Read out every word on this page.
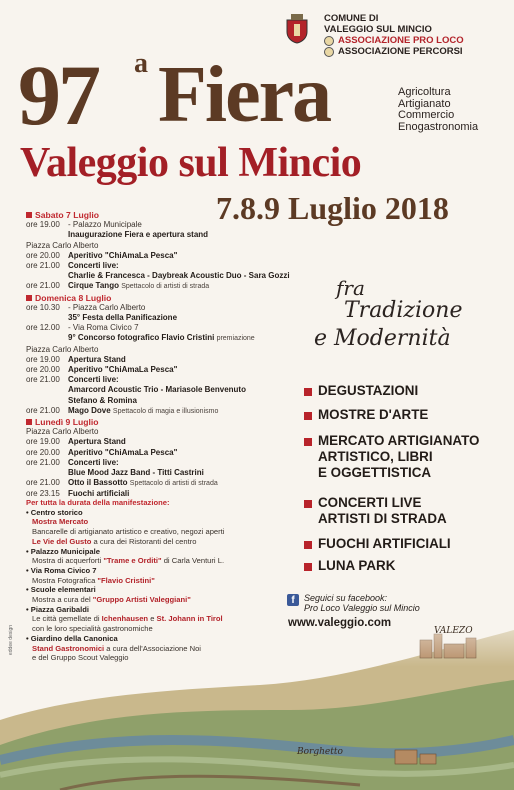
COMUNE DI
VALEGGIO SUL MINCIO
ASSOCIAZIONE PRO LOCO
ASSOCIAZIONE PERCORSI
97 a Fiera	Agricoltura
Artigianato
Commercio
Enogastronomia
Valeggio sul Mincio
7.8.9 Luglio 2018
Sabato 7 Luglio
ore 19.00	- Palazzo Municipale
Inaugurazione Fiera e apertura stand
Piazza Carlo Alberto
ore 20.00	Aperitivo "ChiAmaLa Pesca"
ore 21.00	Concerti live:
Charlie & Francesca - Daybreak Acoustic Duo - Sara Gozzi
ore 21.00	Cirque Tango Spettacolo di artisti di strada
Domenica 8 Luglio
ore 10.30	- Piazza Carlo Alberto
35° Festa della Panificazione
ore 12.00	- Via Roma Civico 7
9° Concorso fotografico Flavio Cristini premiazione
Piazza Carlo Alberto
ore 19.00	Apertura Stand
ore 20.00	Aperitivo "ChiAmaLa Pesca"
ore 21.00	Concerti live:
Amarcord Acoustic Trio - Mariasole Benvenuto
Stefano & Romina
ore 21.00	Mago Dove Spettacolo di magia e illusionismo
Lunedì 9 Luglio
Piazza Carlo Alberto
ore 19.00	Apertura Stand
ore 20.00	Aperitivo "ChiAmaLa Pesca"
ore 21.00	Concerti live:
Blue Mood Jazz Band - Titti Castrini
ore 21.00	Otto il Bassotto Spettacolo di artisti di strada
ore 23.15	Fuochi artificiali
Per tutta la durata della manifestazione:
• Centro storico
Mostra Mercato
Bancarelle di artigianato artistico e creativo, negozi aperti
Le Vie del Gusto a cura dei Ristoranti del centro
• Palazzo Municipale
Mostra di acquerforti "Trame e Orditi" di Carla Venturi L.
• Via Roma Civico 7
Mostra Fotografica "Flavio Cristini"
• Scuole elementari
Mostra a cura del "Gruppo Artisti Valeggiani"
• Piazza Garibaldi
Le città gemellate di Ichenhausen e St. Johann in Tirol
con le loro specialità gastronomiche
• Giardino della Canonica
Stand Gastronomici a cura dell'Associazione Noi
e del Gruppo Scout Valeggio
fra
Tradizione
e Modernità
DEGUSTAZIONI
MOSTRE D'ARTE
MERCATO ARTIGIANATO
ARTISTICO, LIBRI
E OGGETTISTICA
CONCERTI LIVE
ARTISTI DI STRADA
FUOCHI ARTIFICIALI
LUNA PARK
f	Seguici su facebook:
Pro Loco Valeggio sul Mincio
www.valeggio.com
VALEZO
Borghetto
eddee design
